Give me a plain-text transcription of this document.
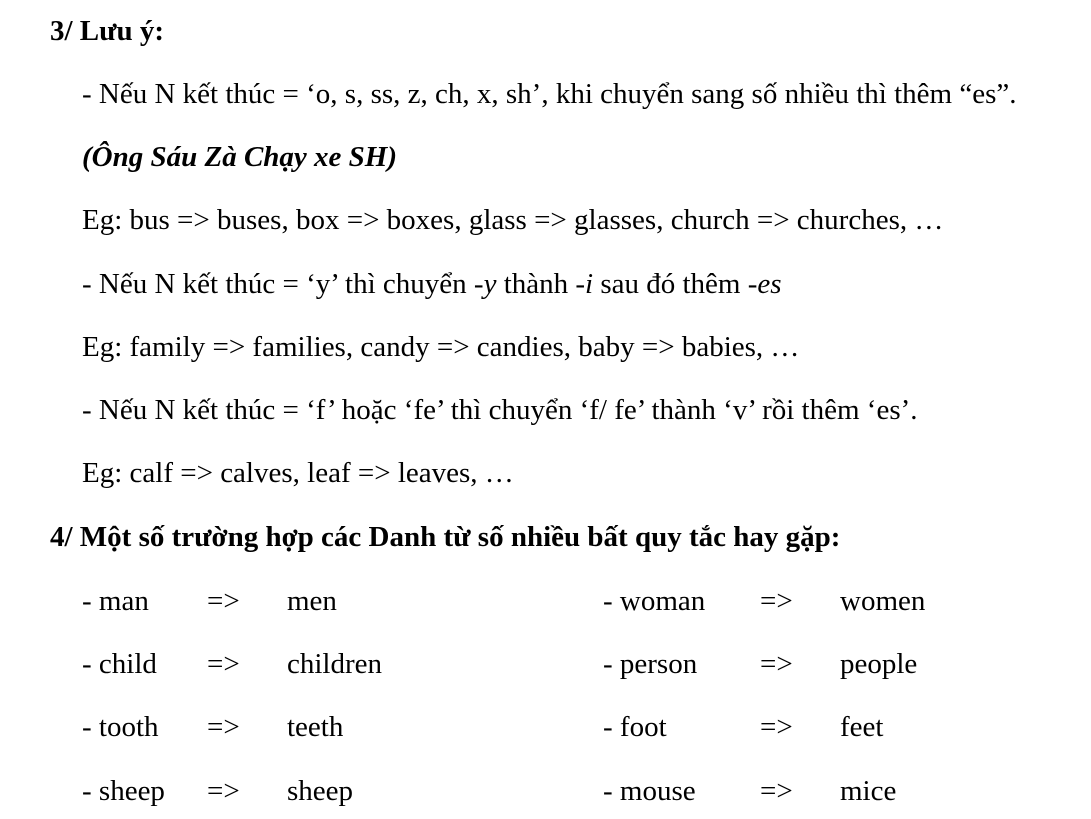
3/ Lưu ý:
- Nếu N kết thúc = ‘o, s, ss, z, ch, x, sh’, khi chuyển sang số nhiều thì thêm “es”.
(Ông Sáu Zà Chạy xe SH)
Eg: bus => buses, box => boxes, glass => glasses, church => churches, …
- Nếu N kết thúc = ‘y’ thì chuyển -y thành -i sau đó thêm -es
Eg: family => families, candy => candies, baby => babies, …
- Nếu N kết thúc = ‘f’ hoặc ‘fe’ thì chuyển ‘f/ fe’ thành ‘v’ rồi thêm ‘es’.
Eg: calf => calves, leaf => leaves, …
4/ Một số trường hợp các Danh từ số nhiều bất quy tắc hay gặp:
- man => men	- woman => women
- child => children	- person => people
- tooth => teeth	- foot	=> feet
- sheep => sheep	- mouse => mice
